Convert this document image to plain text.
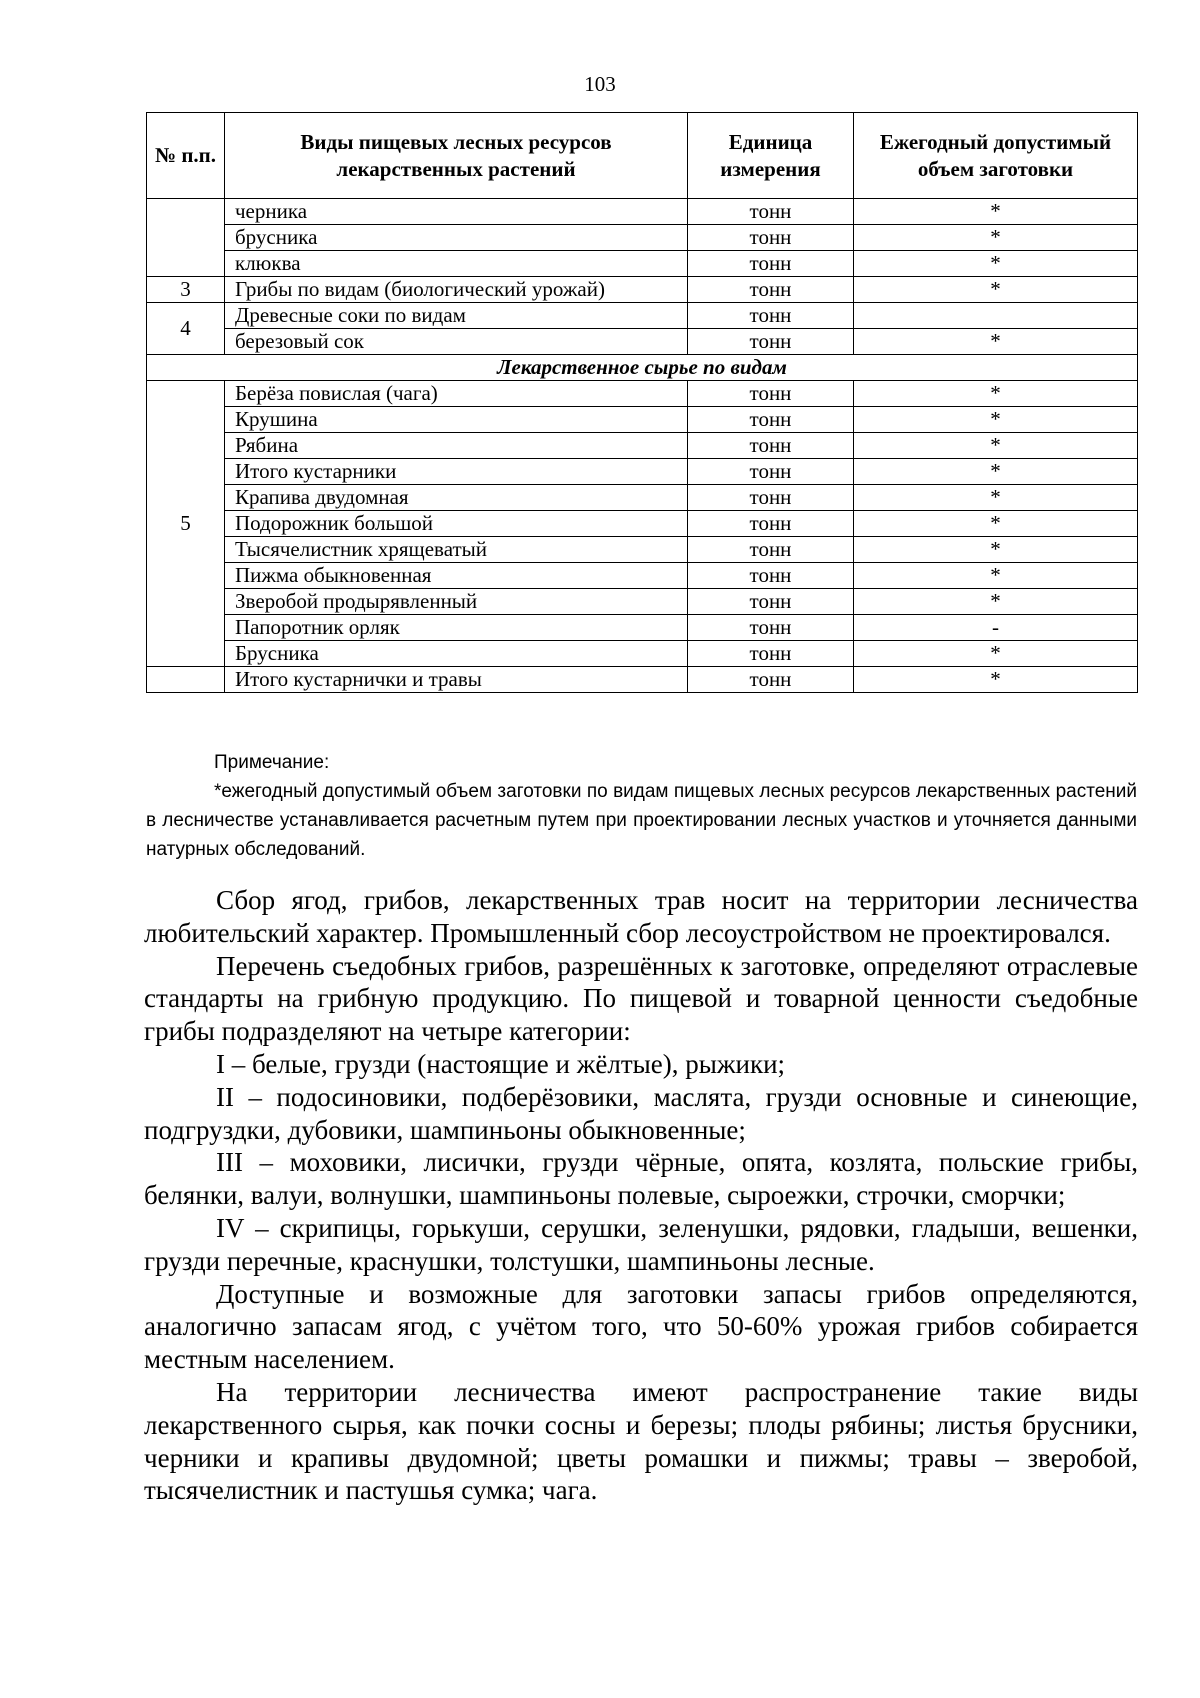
103
№ п.п.	Виды пищевых лесных ресурсов лекарственных растений	Единица измерения	Ежегодный допустимый объем заготовки
	черника	тонн	*
	брусника	тонн	*
	клюква	тонн	*
3	Грибы по видам (биологический урожай)	тонн	*
4	Древесные соки по видам	тонн	
	березовый сок	тонн	*
Лекарственное сырье по видам			
5	Берёза повислая (чага)	тонн	*
	Крушина	тонн	*
	Рябина	тонн	*
	Итого кустарники	тонн	*
	Крапива двудомная	тонн	*
	Подорожник большой	тонн	*
	Тысячелистник хрящеватый	тонн	*
	Пижма обыкновенная	тонн	*
	Зверобой продырявленный	тонн	*
	Папоротник орляк	тонн	-
	Брусника	тонн	*
	Итого кустарнички и травы	тонн	*
Примечание:
*ежегодный допустимый объем заготовки по видам пищевых лесных ресурсов лекарственных растений в лесничестве устанавливается расчетным путем при проектировании лесных участков и уточняется данными натурных обследований.

Сбор ягод, грибов, лекарственных трав носит на территории лесничества любительский характер. Промышленный сбор лесоустройством не проектировался.

Перечень съедобных грибов, разрешённых к заготовке, определяют отраслевые стандарты на грибную продукцию. По пищевой и товарной ценности съедобные грибы подразделяют на четыре категории:

I – белые, грузди (настоящие и жёлтые), рыжики;

II – подосиновики, подберёзовики, маслята, грузди основные и синеющие, подгруздки, дубовики, шампиньоны обыкновенные;

III – моховики, лисички, грузди чёрные, опята, козлята, польские грибы, белянки, валуи, волнушки, шампиньоны полевые, сыроежки, строчки, сморчки;

IV – скрипицы, горькуши, серушки, зеленушки, рядовки, гладыши, вешенки, грузди перечные, краснушки, толстушки, шампиньоны лесные.

Доступные и возможные для заготовки запасы грибов определяются, аналогично запасам ягод, с учётом того, что 50-60% урожая грибов собирается местным населением.

На территории лесничества имеют распространение такие виды лекарственного сырья, как почки сосны и березы; плоды рябины; листья брусники, черники и крапивы двудомной; цветы ромашки и пижмы; травы – зверобой, тысячелистник и пастушья сумка; чага.
